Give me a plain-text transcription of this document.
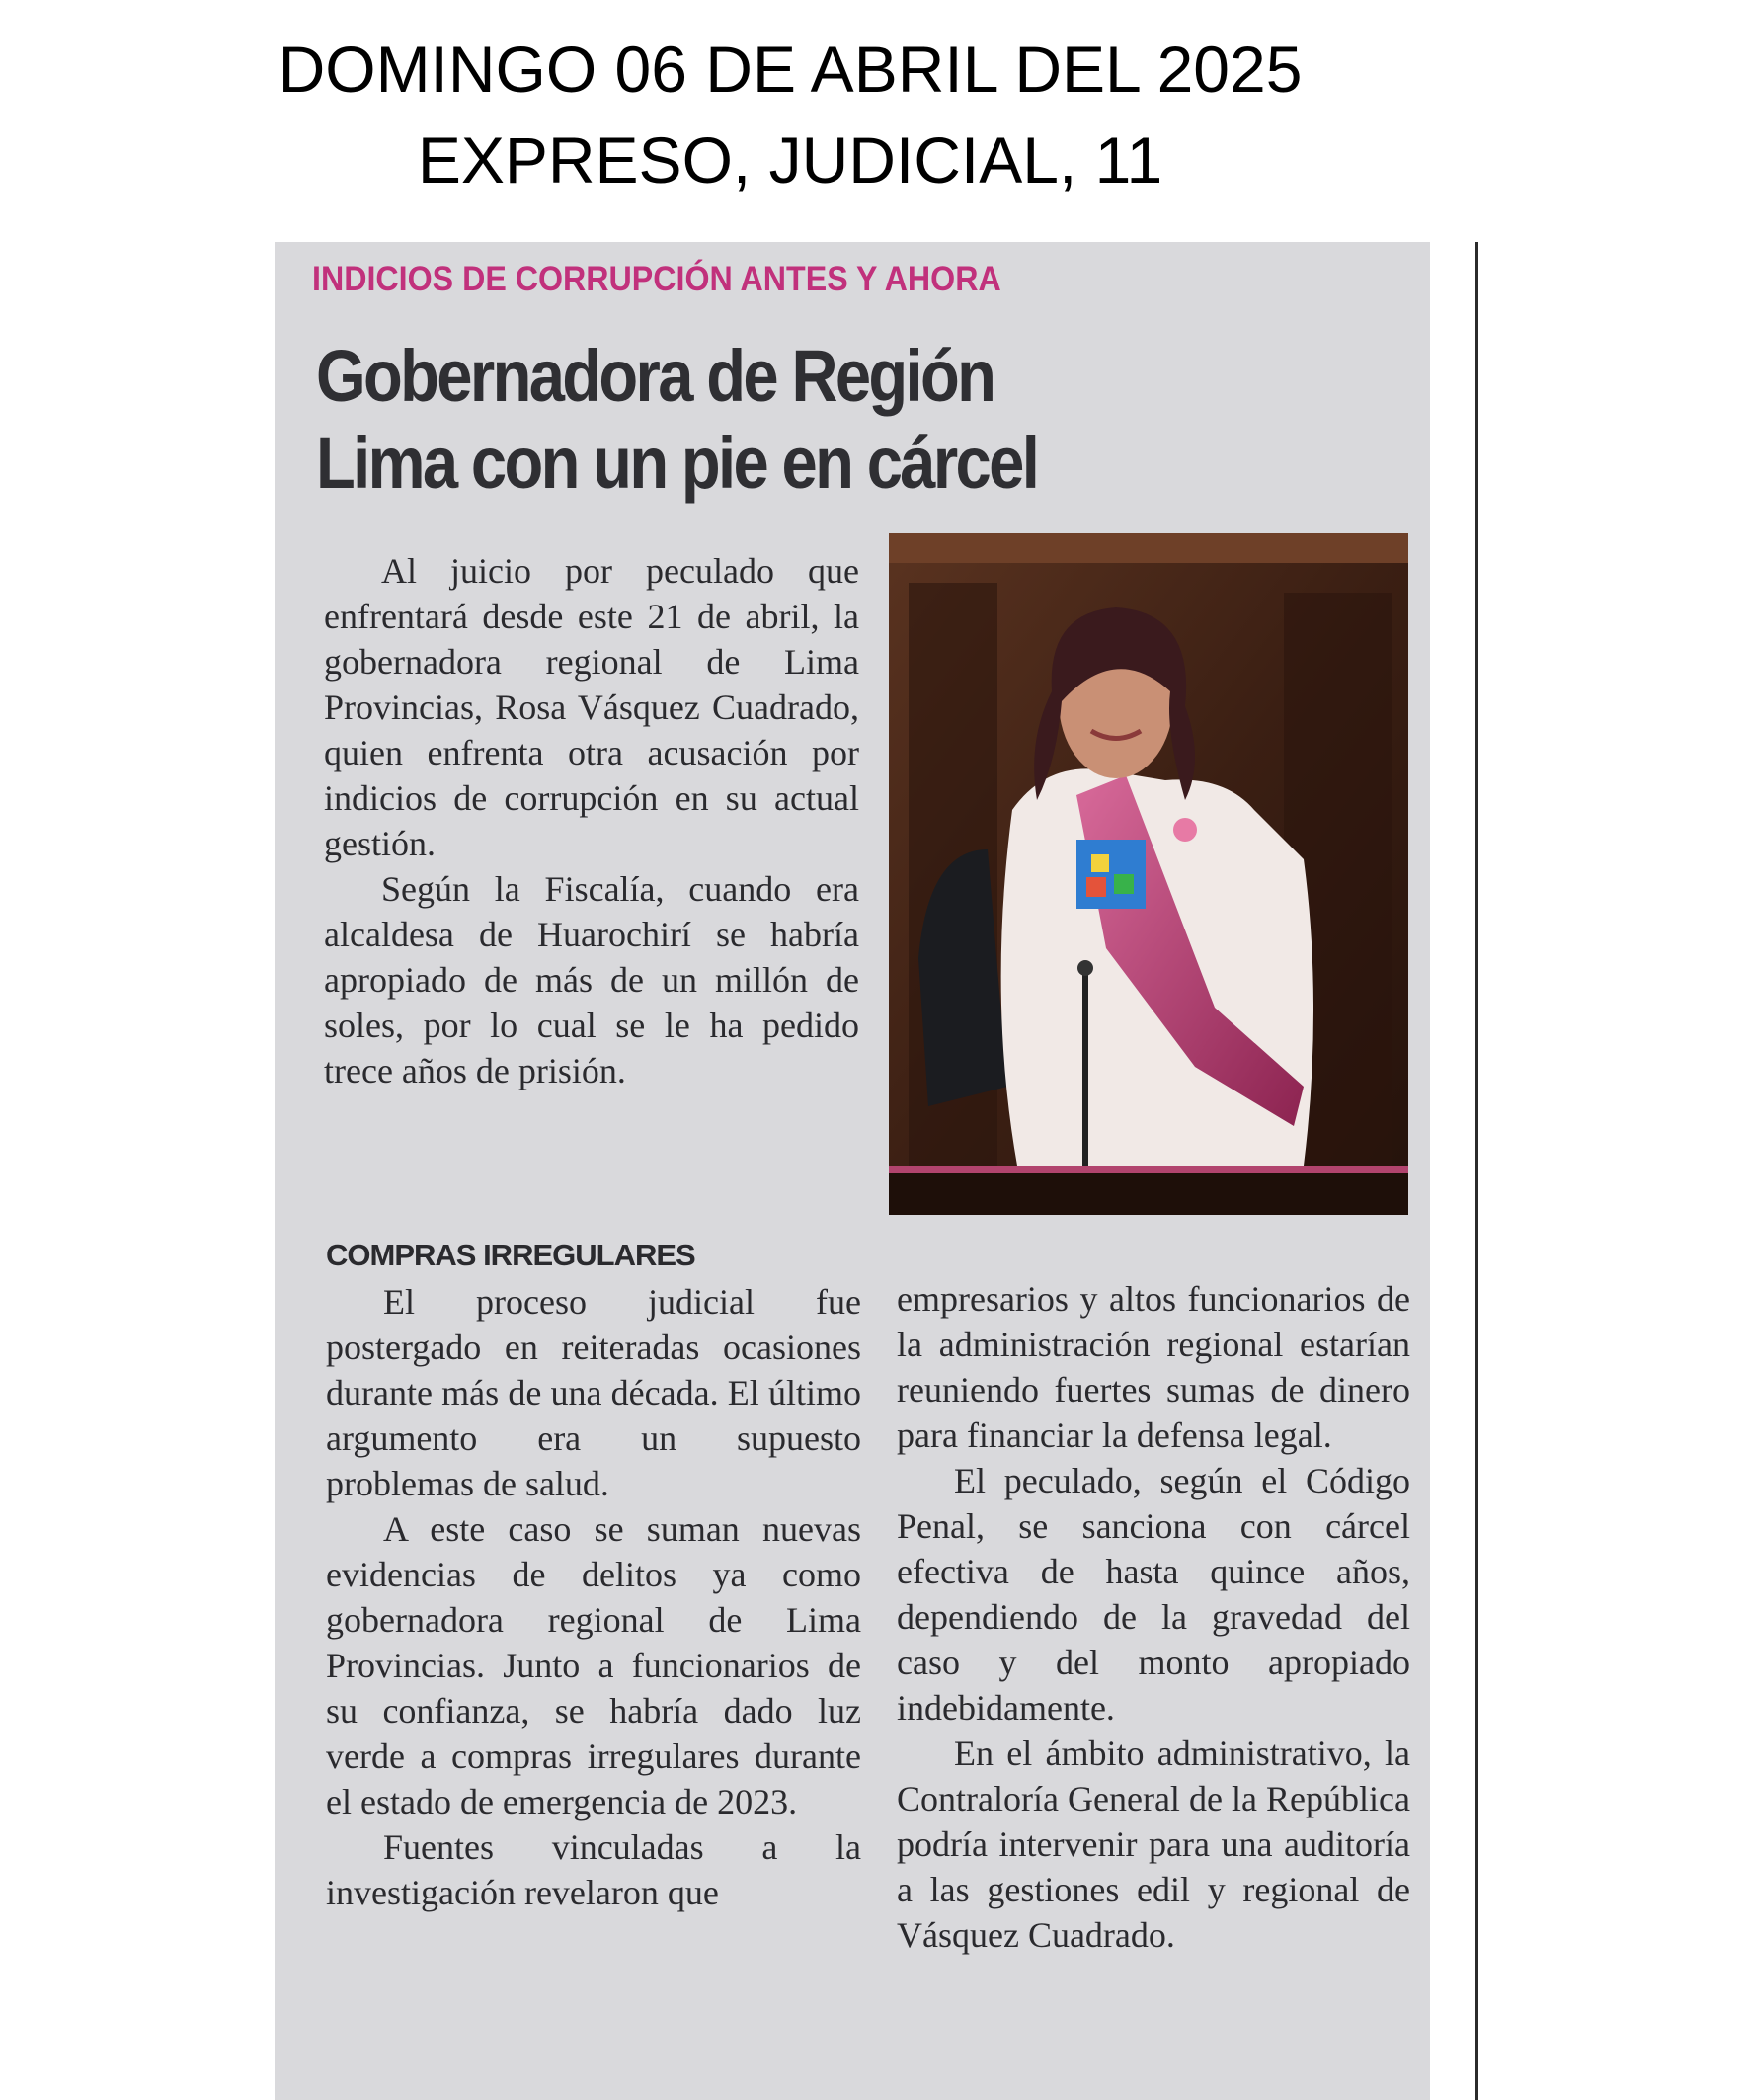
DOMINGO 06 DE ABRIL DEL 2025
EXPRESO, JUDICIAL, 11
INDICIOS DE CORRUPCIÓN ANTES Y AHORA
Gobernadora de Región
Lima con un pie en cárcel

Al juicio por peculado que enfrentará desde este 21 de abril, la gobernadora regional de Lima Provincias, Rosa Vásquez Cuadrado, quien enfrenta otra acusación por indicios de corrupción en su actual gestión.

Según la Fiscalía, cuando era alcaldesa de Huarochirí se habría apropiado de más de un millón de soles, por lo cual se le ha pedido trece años de prisión.

COMPRAS IRREGULARES

El proceso judicial fue postergado en reiteradas ocasiones durante más de una década. El último argumento era un supuesto problemas de salud.

A este caso se suman nuevas evidencias de delitos ya como gobernadora regional de Lima Provincias. Junto a funcionarios de su confianza, se habría dado luz verde a compras irregulares durante el estado de emergencia de 2023.

Fuentes vinculadas a la investigación revelaron que

empresarios y altos funcionarios de la administración regional estarían reuniendo fuertes sumas de dinero para financiar la defensa legal.

El peculado, según el Código Penal, se sanciona con cárcel efectiva de hasta quince años, dependiendo de la gravedad del caso y del monto apropiado indebidamente.

En el ámbito administrativo, la Contraloría General de la República podría intervenir para una auditoría a las gestiones edil y regional de Vásquez Cuadrado.
